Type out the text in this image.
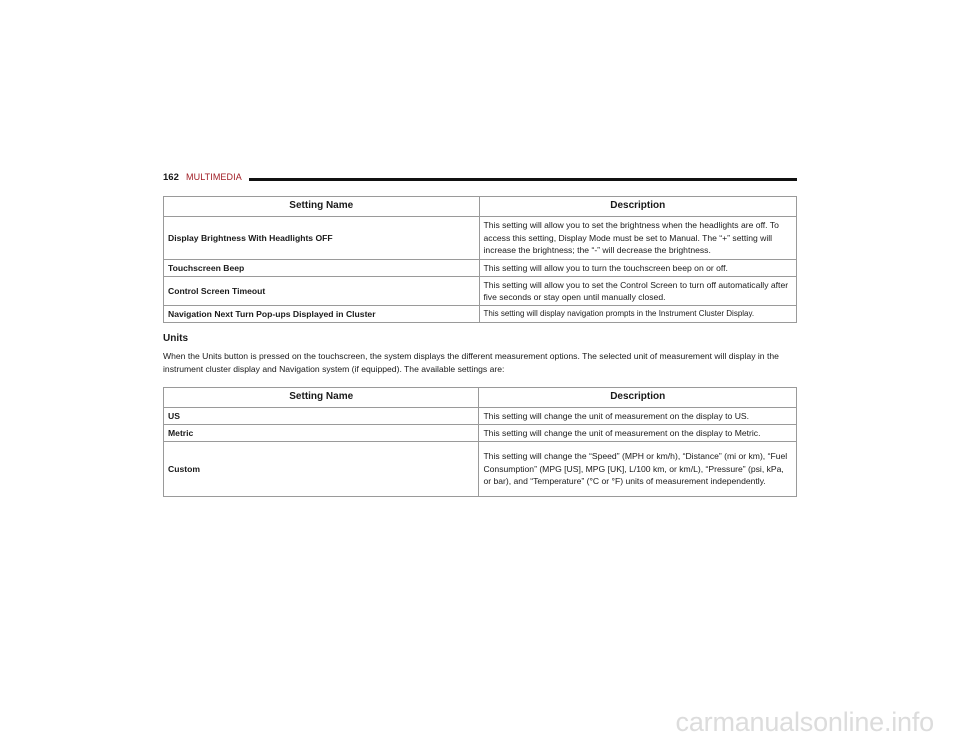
162 MULTIMEDIA
Setting Name	Description
Display Brightness With Headlights OFF	This setting will allow you to set the brightness when the headlights are off. To access this setting, Display Mode must be set to Manual. The “+” setting will increase the brightness; the “-” will decrease the brightness.
Touchscreen Beep	This setting will allow you to turn the touchscreen beep on or off.
Control Screen Timeout	This setting will allow you to set the Control Screen to turn off automatically after five seconds or stay open until manually closed.
Navigation Next Turn Pop-ups Displayed in Cluster	This setting will display navigation prompts in the Instrument Cluster Display.
Units
When the Units button is pressed on the touchscreen, the system displays the different measurement options. The selected unit of measurement will display in the instrument cluster display and Navigation system (if equipped). The available settings are:
Setting Name	Description
US	This setting will change the unit of measurement on the display to US.
Metric	This setting will change the unit of measurement on the display to Metric.
Custom	This setting will change the “Speed” (MPH or km/h), “Distance” (mi or km), “Fuel Consumption” (MPG [US], MPG [UK], L/100 km, or km/L), “Pressure” (psi, kPa, or bar), and “Temperature” (°C or °F) units of measurement independently.
carmanualsonline.info
